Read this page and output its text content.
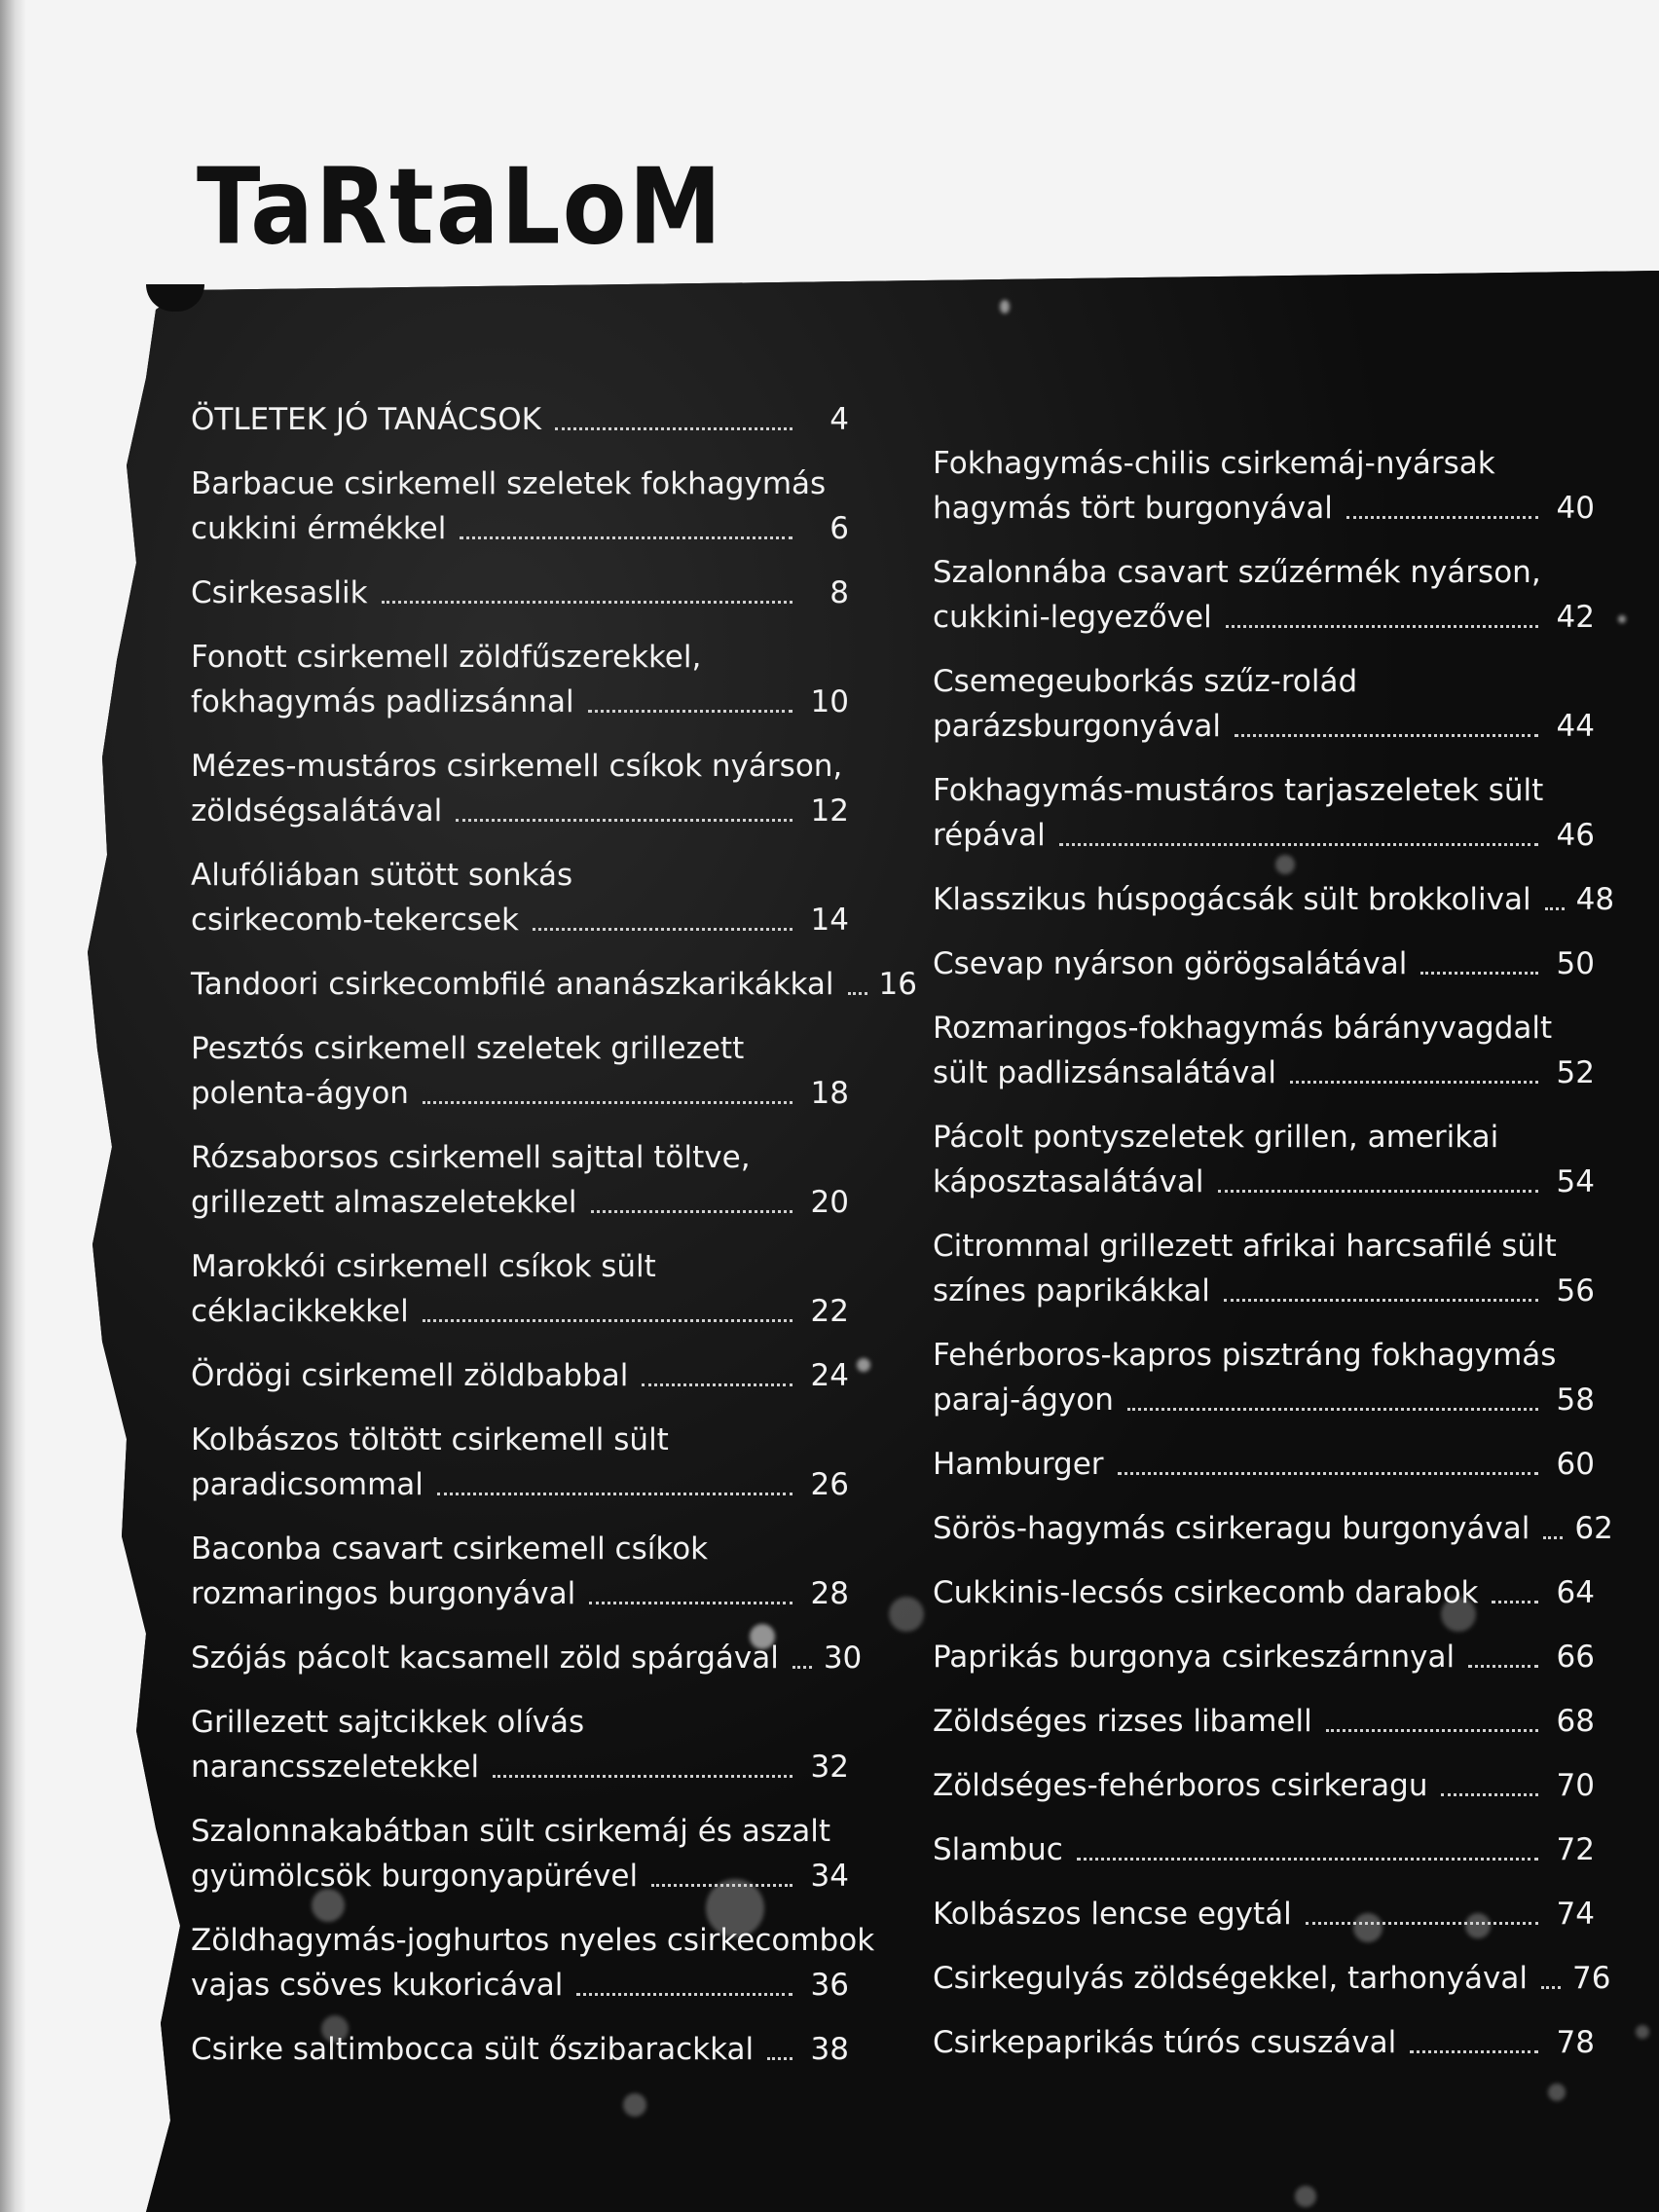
TaRtaLoM
ÖTLETEK JÓ TANÁCSOK	4
Barbacue csirkemell szeletek fokhagymás
cukkini érmékkel	6
Csirkesaslik	8
Fonott csirkemell zöldfűszerekkel,
fokhagymás padlizsánnal	10
Mézes-mustáros csirkemell csíkok nyárson,
zöldségsalátával	12
Alufóliában sütött sonkás
csirkecomb-tekercsek	14
Tandoori csirkecombfilé ananászkarikákkal 16
Pesztós csirkemell szeletek grillezett
polenta-ágyon	18
Rózsaborsos csirkemell sajttal töltve,
grillezett almaszeletekkel	20
Marokkói csirkemell csíkok sült
céklacikkekkel	22
Ördögi csirkemell zöldbabbal	24
Kolbászos töltött csirkemell sült
paradicsommal	26
Baconba csavart csirkemell csíkok
rozmaringos burgonyával	28
Szójás pácolt kacsamell zöld spárgával 30
Grillezett sajtcikkek olívás
narancsszeletekkel	32
Szalonnakabátban sült csirkemáj és aszalt
gyümölcsök burgonyapürével	34
Zöldhagymás-joghurtos nyeles csirkecombok
vajas csöves kukoricával	36
Csirke saltimbocca sült őszibarackkal 38
Fokhagymás-chilis csirkemáj-nyársak
hagymás tört burgonyával	40
Szalonnába csavart szűzérmék nyárson,
cukkini-legyezővel	42
Csemegeuborkás szűz-rolád
parázsburgonyával	44
Fokhagymás-mustáros tarjaszeletek sült
répával	46
Klasszikus húspogácsák sült brokkolival 48
Csevap nyárson görögsalátával	50
Rozmaringos-fokhagymás bárányvagdalt
sült padlizsánsalátával	52
Pácolt pontyszeletek grillen, amerikai
káposztasalátával	54
Citrommal grillezett afrikai harcsafilé sült
színes paprikákkal	56
Fehérboros-kapros pisztráng fokhagymás
paraj-ágyon	58
Hamburger	60
Sörös-hagymás csirkeragu burgonyával 62
Cukkinis-lecsós csirkecomb darabok	64
Paprikás burgonya csirkeszárnnyal	66
Zöldséges rizses libamell	68
Zöldséges-fehérboros csirkeragu	70
Slambuc	72
Kolbászos lencse egytál	74
Csirkegulyás zöldségekkel, tarhonyával 76
Csirkepaprikás túrós csuszával	78
